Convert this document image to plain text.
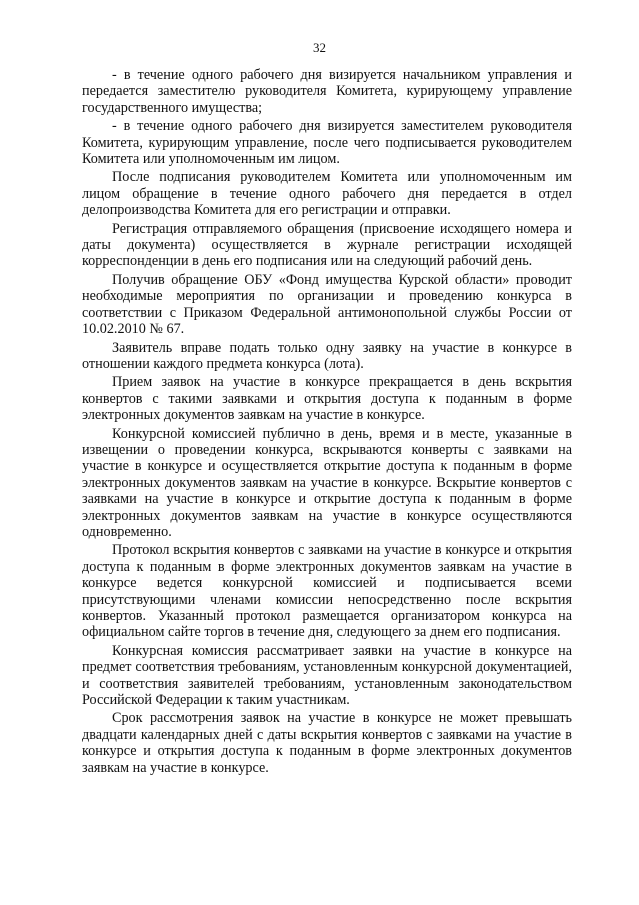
32

- в течение одного рабочего дня визируется начальником управления и передается заместителю руководителя Комитета, курирующему управление государственного имущества;

- в течение одного рабочего дня визируется заместителем руководителя Комитета, курирующим управление, после чего подписывается руководителем Комитета или уполномоченным им лицом.

После подписания руководителем Комитета или уполномоченным им лицом обращение в течение одного рабочего дня передается в отдел делопроизводства Комитета для его регистрации и отправки.

Регистрация отправляемого обращения (присвоение исходящего номера и даты документа) осуществляется в журнале регистрации исходящей корреспонденции в день его подписания или на следующий рабочий день.

Получив обращение ОБУ «Фонд имущества Курской области» проводит необходимые мероприятия по организации и проведению конкурса в соответствии с Приказом Федеральной антимонопольной службы России от 10.02.2010 № 67.

Заявитель вправе подать только одну заявку на участие в конкурсе в отношении каждого предмета конкурса (лота).

Прием заявок на участие в конкурсе прекращается в день вскрытия конвертов с такими заявками и открытия доступа к поданным в форме электронных документов заявкам на участие в конкурсе.

Конкурсной комиссией публично в день, время и в месте, указанные в извещении о проведении конкурса, вскрываются конверты с заявками на участие в конкурсе и осуществляется открытие доступа к поданным в форме электронных документов заявкам на участие в конкурсе. Вскрытие конвертов с заявками на участие в конкурсе и открытие доступа к поданным в форме электронных документов заявкам на участие в конкурсе осуществляются одновременно.

Протокол вскрытия конвертов с заявками на участие в конкурсе и открытия доступа к поданным в форме электронных документов заявкам на участие в конкурсе ведется конкурсной комиссией и подписывается всеми присутствующими членами комиссии непосредственно после вскрытия конвертов. Указанный протокол размещается организатором конкурса на официальном сайте торгов в течение дня, следующего за днем его подписания.

Конкурсная комиссия рассматривает заявки на участие в конкурсе на предмет соответствия требованиям, установленным конкурсной документацией, и соответствия заявителей требованиям, установленным законодательством Российской Федерации к таким участникам.

Срок рассмотрения заявок на участие в конкурсе не может превышать двадцати календарных дней с даты вскрытия конвертов с заявками на участие в конкурсе и открытия доступа к поданным в форме электронных документов заявкам на участие в конкурсе.
